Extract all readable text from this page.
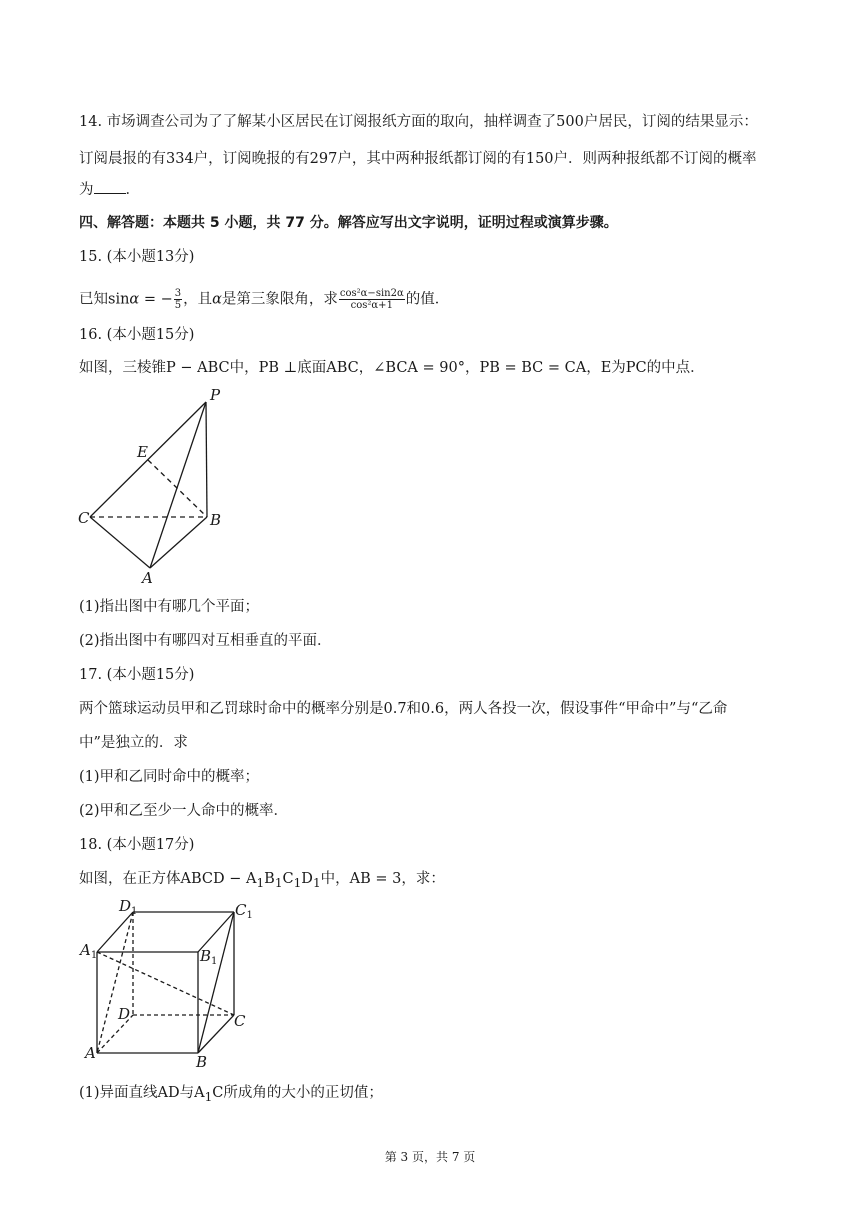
14. 市场调查公司为了了解某小区居民在订阅报纸方面的取向，抽样调查了500户居民，订阅的结果显示：
订阅晨报的有334户，订阅晚报的有297户，其中两种报纸都订阅的有150户．则两种报纸都不订阅的概率
为 ．
四、解答题：本题共 5 小题，共 77 分。解答应写出文字说明，证明过程或演算步骤。
15. (本小题13分)
已知sinα = − $\frac{3}{5}$ ，且α是第三象限角，求 $\frac{\text{cos²α−sin2α}}{\text{cos²α+1}}$ 的值．
16. (本小题15分)
如图，三棱锥P − ABC中，PB ⊥底面ABC，∠BCA = 90°，PB = BC = CA，E为PC的中点．
P
E
C	B
A
(1)指出图中有哪几个平面；
(2)指出图中有哪四对互相垂直的平面．
17. (本小题15分)
两个篮球运动员甲和乙罚球时命中的概率分别是0.7和0.6，两人各投一次，假设事件“甲命中”与“乙命
中”是独立的．求
(1)甲和乙同时命中的概率；
(2)甲和乙至少一人命中的概率．
18. (本小题17分)
如图，在正方体ABCD − $A_1B_1C_1D_1$中，AB = 3，求：
$D_1$	$C_1$
$A_1$	$B_1$
D	C
A	B
(1)异面直线AD与$A_1C$所成角的大小的正切值；
第 3 页，共 7 页
